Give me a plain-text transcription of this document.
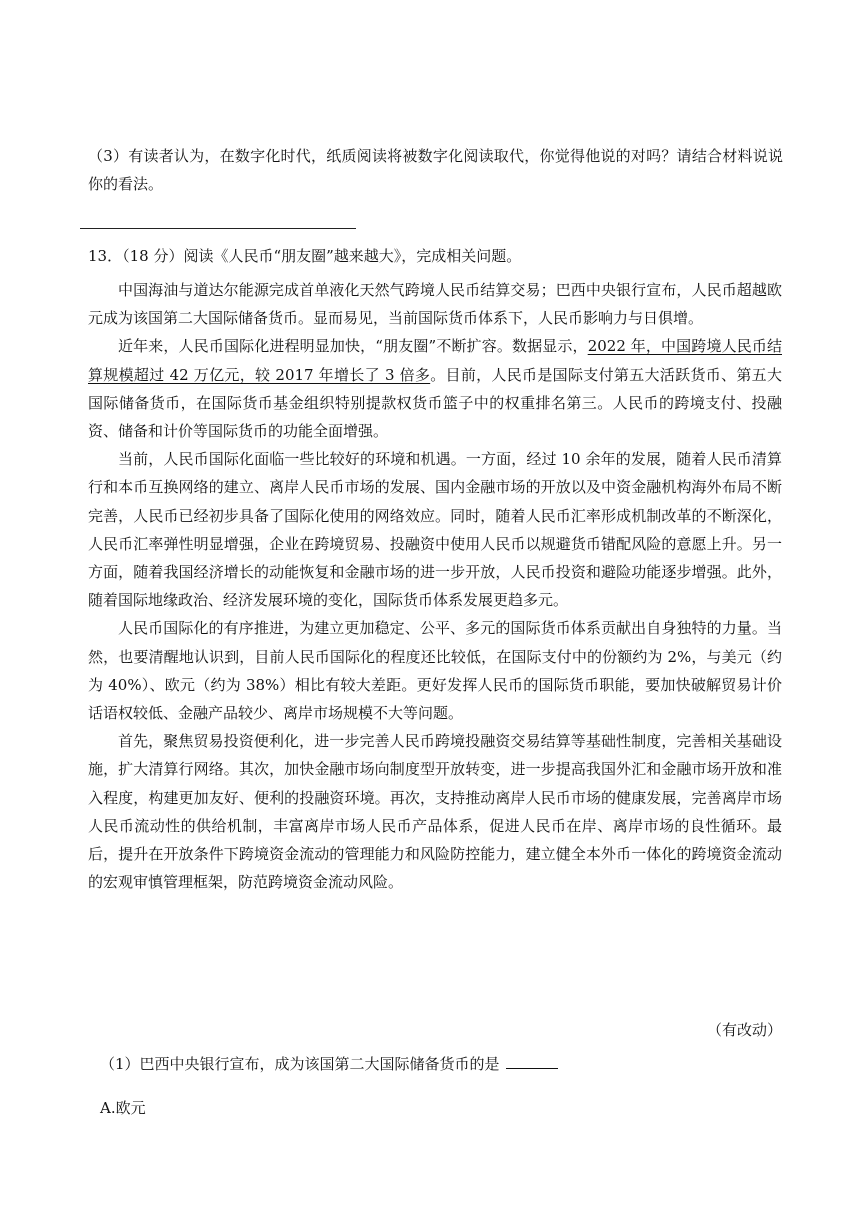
（3）有读者认为，在数字化时代，纸质阅读将被数字化阅读取代，你觉得他说的对吗？请结合材料说说你的看法。
13．（18 分）阅读《人民币“朋友圈”越来越大》，完成相关问题。

中国海油与道达尔能源完成首单液化天然气跨境人民币结算交易；巴西中央银行宣布，人民币超越欧元成为该国第二大国际储备货币。显而易见，当前国际货币体系下，人民币影响力与日俱增。

近年来，人民币国际化进程明显加快，“朋友圈”不断扩容。数据显示，2022 年，中国跨境人民币结算规模超过 42 万亿元，较 2017 年增长了 3 倍多。目前，人民币是国际支付第五大活跃货币、第五大国际储备货币，在国际货币基金组织特别提款权货币篮子中的权重排名第三。人民币的跨境支付、投融资、储备和计价等国际货币的功能全面增强。

当前，人民币国际化面临一些比较好的环境和机遇。一方面，经过 10 余年的发展，随着人民币清算行和本币互换网络的建立、离岸人民币市场的发展、国内金融市场的开放以及中资金融机构海外布局不断完善，人民币已经初步具备了国际化使用的网络效应。同时，随着人民币汇率形成机制改革的不断深化，人民币汇率弹性明显增强，企业在跨境贸易、投融资中使用人民币以规避货币错配风险的意愿上升。另一方面，随着我国经济增长的动能恢复和金融市场的进一步开放，人民币投资和避险功能逐步增强。此外，随着国际地缘政治、经济发展环境的变化，国际货币体系发展更趋多元。

人民币国际化的有序推进，为建立更加稳定、公平、多元的国际货币体系贡献出自身独特的力量。当然，也要清醒地认识到，目前人民币国际化的程度还比较低，在国际支付中的份额约为 2%，与美元（约为 40%）、欧元（约为 38%）相比有较大差距。更好发挥人民币的国际货币职能，要加快破解贸易计价话语权较低、金融产品较少、离岸市场规模不大等问题。

首先，聚焦贸易投资便利化，进一步完善人民币跨境投融资交易结算等基础性制度，完善相关基础设施，扩大清算行网络。其次，加快金融市场向制度型开放转变，进一步提高我国外汇和金融市场开放和准入程度，构建更加友好、便利的投融资环境。再次，支持推动离岸人民币市场的健康发展，完善离岸市场人民币流动性的供给机制，丰富离岸市场人民币产品体系，促进人民币在岸、离岸市场的良性循环。最后，提升在开放条件下跨境资金流动的管理能力和风险防控能力，建立健全本外币一体化的跨境资金流动的宏观审慎管理框架，防范跨境资金流动风险。

（有改动）
（1）巴西中央银行宣布，成为该国第二大国际储备货币的是
A.欧元
